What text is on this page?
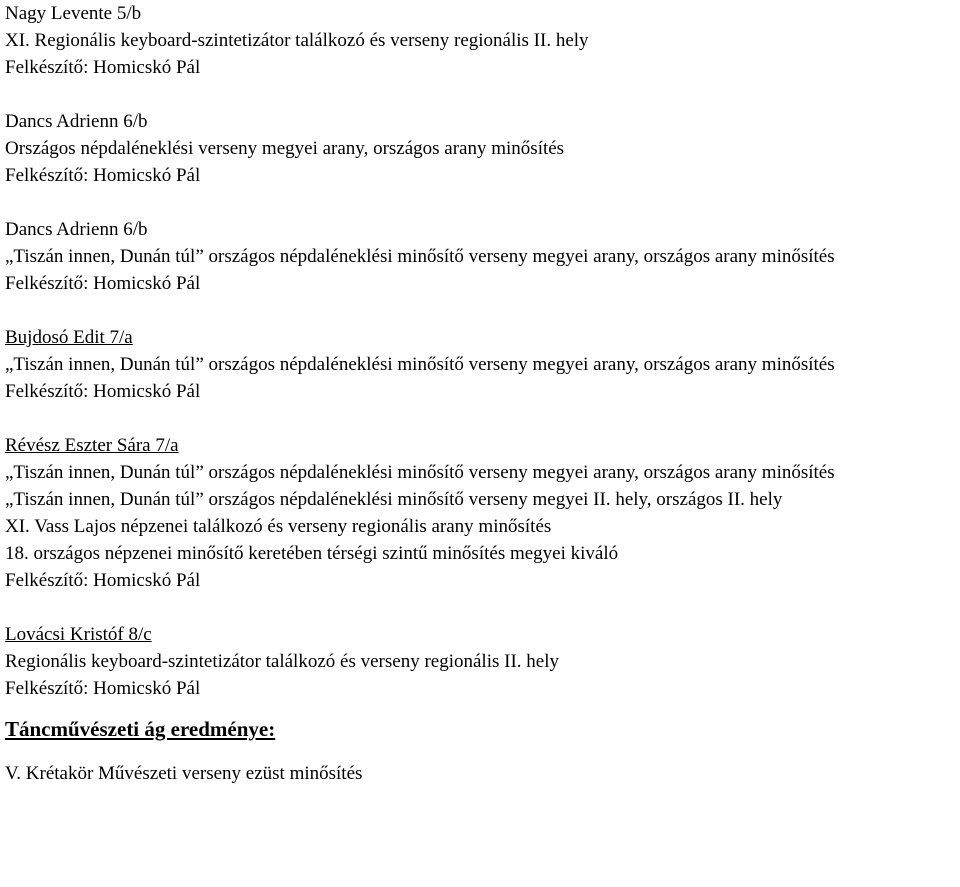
Nagy Levente 5/b
XI. Regionális keyboard-szintetizátor találkozó és verseny regionális II. hely
Felkészítő: Homicskó Pál
Dancs Adrienn 6/b
Országos népdaléneklési verseny megyei arany, országos arany minősítés
Felkészítő: Homicskó Pál
Dancs Adrienn 6/b
„Tiszán innen, Dunán túl” országos népdaléneklési minősítő verseny megyei arany, országos arany minősítés
Felkészítő: Homicskó Pál
Bujdosó Edit 7/a
„Tiszán innen, Dunán túl” országos népdaléneklési minősítő verseny megyei arany, országos arany minősítés
Felkészítő: Homicskó Pál
Révész Eszter Sára 7/a
„Tiszán innen, Dunán túl” országos népdaléneklési minősítő verseny megyei arany, országos arany minősítés
„Tiszán innen, Dunán túl” országos népdaléneklési minősítő verseny megyei II. hely, országos II. hely
XI. Vass Lajos népzenei találkozó és verseny regionális arany minősítés
18. országos népzenei minősítő keretében térségi szintű minősítés megyei kiváló
Felkészítő: Homicskó Pál
Lovácsi Kristóf 8/c
Regionális keyboard-szintetizátor találkozó és verseny regionális II. hely
Felkészítő: Homicskó Pál
Táncművészeti ág eredménye:
V. Krétakör Művészeti verseny ezüst minősítés
